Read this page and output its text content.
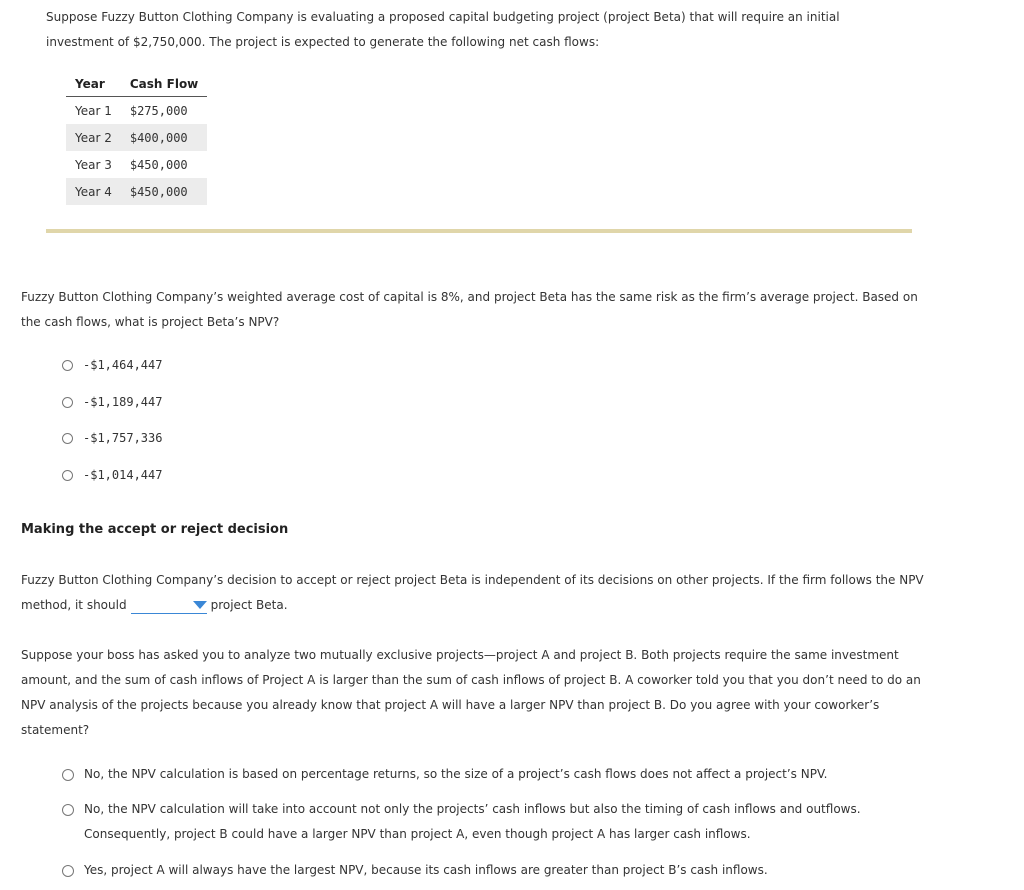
Suppose Fuzzy Button Clothing Company is evaluating a proposed capital budgeting project (project Beta) that will require an initial
investment of $2,750,000. The project is expected to generate the following net cash flows:
Year	Cash Flow
Year 1	$275,000
Year 2	$400,000
Year 3	$450,000
Year 4	$450,000
Fuzzy Button Clothing Company’s weighted average cost of capital is 8%, and project Beta has the same risk as the firm’s average project. Based on
the cash flows, what is project Beta’s NPV?
-$1,464,447
-$1,189,447
-$1,757,336
-$1,014,447
Making the accept or reject decision
Fuzzy Button Clothing Company’s decision to accept or reject project Beta is independent of its decisions on other projects. If the firm follows the NPV
method, it should	project Beta.
Suppose your boss has asked you to analyze two mutually exclusive projects—project A and project B. Both projects require the same investment
amount, and the sum of cash inflows of Project A is larger than the sum of cash inflows of project B. A coworker told you that you don’t need to do an
NPV analysis of the projects because you already know that project A will have a larger NPV than project B. Do you agree with your coworker’s
statement?
No, the NPV calculation is based on percentage returns, so the size of a project’s cash flows does not affect a project’s NPV.
No, the NPV calculation will take into account not only the projects’ cash inflows but also the timing of cash inflows and outflows.
Consequently, project B could have a larger NPV than project A, even though project A has larger cash inflows.
Yes, project A will always have the largest NPV, because its cash inflows are greater than project B’s cash inflows.
